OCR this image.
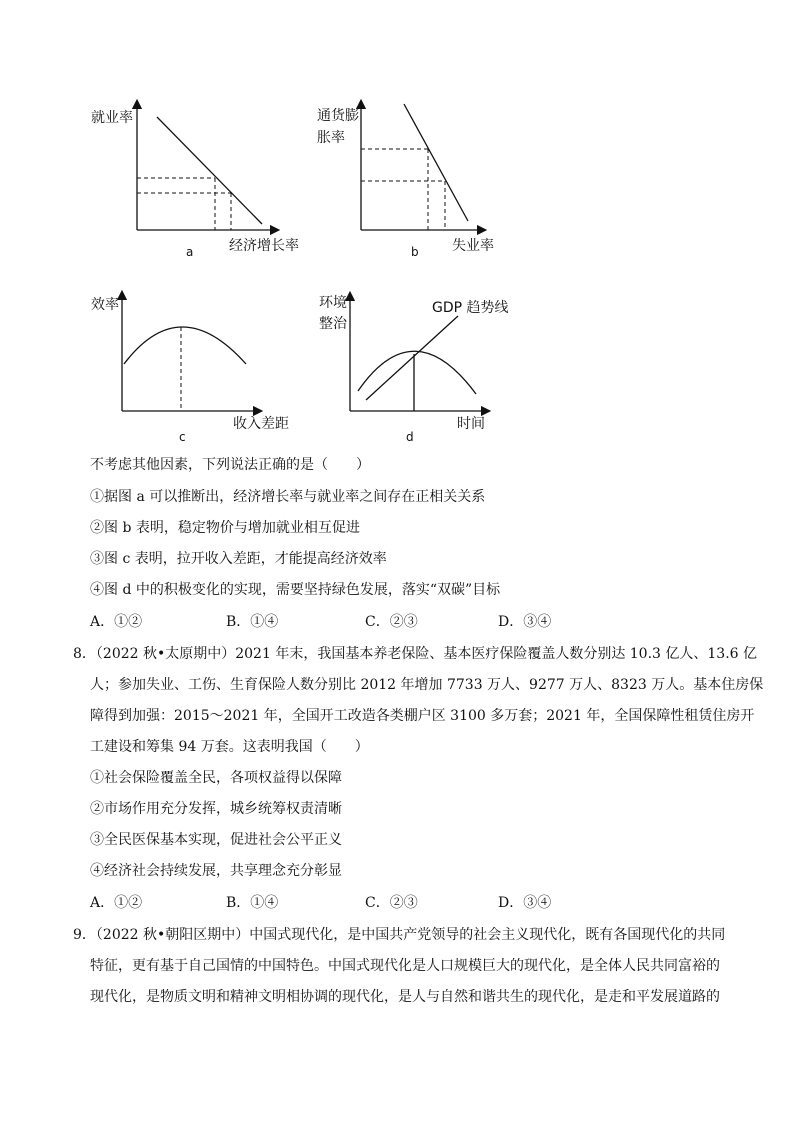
就业率
经济增长率
a
通货膨
胀率
失业率
b
效率
收入差距
c
环境
整治
GDP 趋势线
时间
d
不考虑其他因素，下列说法正确的是（　　）
①据图 a 可以推断出，经济增长率与就业率之间存在正相关关系
②图 b 表明，稳定物价与增加就业相互促进
③图 c 表明，拉开收入差距，才能提高经济效率
④图 d 中的积极变化的实现，需要坚持绿色发展，落实“双碳”目标
A．①②	B．①④	C．②③	D．③④
8．（2022 秋•太原期中）2021 年末，我国基本养老保险、基本医疗保险覆盖人数分别达 10.3 亿人、13.6 亿
人；参加失业、工伤、生育保险人数分别比 2012 年增加 7733 万人、9277 万人、8323 万人。基本住房保
障得到加强：2015～2021 年，全国开工改造各类棚户区 3100 多万套；2021 年，全国保障性租赁住房开
工建设和筹集 94 万套。这表明我国（　　）
①社会保险覆盖全民，各项权益得以保障
②市场作用充分发挥，城乡统筹权责清晰
③全民医保基本实现，促进社会公平正义
④经济社会持续发展，共享理念充分彰显
A．①②	B．①④	C．②③	D．③④
9．（2022 秋•朝阳区期中）中国式现代化，是中国共产党领导的社会主义现代化，既有各国现代化的共同
特征，更有基于自己国情的中国特色。中国式现代化是人口规模巨大的现代化，是全体人民共同富裕的
现代化，是物质文明和精神文明相协调的现代化，是人与自然和谐共生的现代化，是走和平发展道路的
